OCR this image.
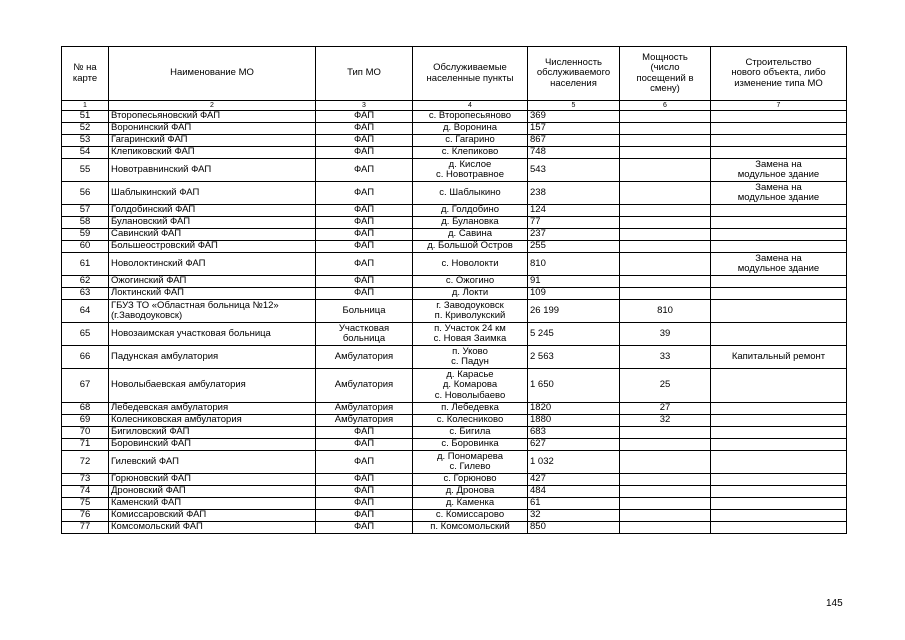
№ на
карте	Наименование МО	Тип МО	Обслуживаемые
населенные пункты	Численность
обслуживаемого
населения	Мощность
(число
посещений в
смену)	Строительство
нового объекта, либо
изменение типа МО
1	2	3	4	5	6	7
51	Второпесьяновский ФАП	ФАП	с. Второпесьяново	369		
52	Воронинский ФАП	ФАП	д. Воронина	157		
53	Гагаринский ФАП	ФАП	с. Гагарино	867		
54	Клепиковский ФАП	ФАП	с. Клепиково	748		
55	Новотравнинский ФАП	ФАП	д. Кислое
с. Новотравное	543		Замена на
модульное здание
56	Шаблыкинский ФАП	ФАП	с. Шаблыкино	238		Замена на
модульное здание
57	Голдобинский ФАП	ФАП	д. Голдобино	124		
58	Булановский ФАП	ФАП	д. Булановка	77		
59	Савинский ФАП	ФАП	д. Савина	237		
60	Большеостровский ФАП	ФАП	д. Большой Остров	255		
61	Новолоктинский ФАП	ФАП	с. Новолокти	810		Замена на
модульное здание
62	Ожогинский ФАП	ФАП	с. Ожогино	91		
63	Локтинский ФАП	ФАП	д. Локти	109		
64	ГБУЗ ТО «Областная больница №12»
(г.Заводоуковск)	Больница	г. Заводоуковск
п. Криволукский	26 199	810	
65	Новозаимская участковая больница	Участковая
больница	п. Участок 24 км
с. Новая Заимка	5 245	39	
66	Падунская амбулатория	Амбулатория	п. Уково
с. Падун	2 563	33	Капитальный ремонт
67	Новолыбаевская амбулатория	Амбулатория	д. Карасье
д. Комарова
с. Новолыбаево	1 650	25	
68	Лебедевская амбулатория	Амбулатория	п. Лебедевка	1820	27	
69	Колесниковская амбулатория	Амбулатория	с. Колесниково	1880	32	
70	Бигиловский ФАП	ФАП	с. Бигила	683		
71	Боровинский ФАП	ФАП	с. Боровинка	627		
72	Гилевский ФАП	ФАП	д. Пономарева
с. Гилево	1 032		
73	Горюновский ФАП	ФАП	с. Горюново	427		
74	Дроновский ФАП	ФАП	д. Дронова	484		
75	Каменский ФАП	ФАП	д. Каменка	61		
76	Комиссаровский ФАП	ФАП	с. Комиссарово	32		
77	Комсомольский ФАП	ФАП	п. Комсомольский	850		
145
